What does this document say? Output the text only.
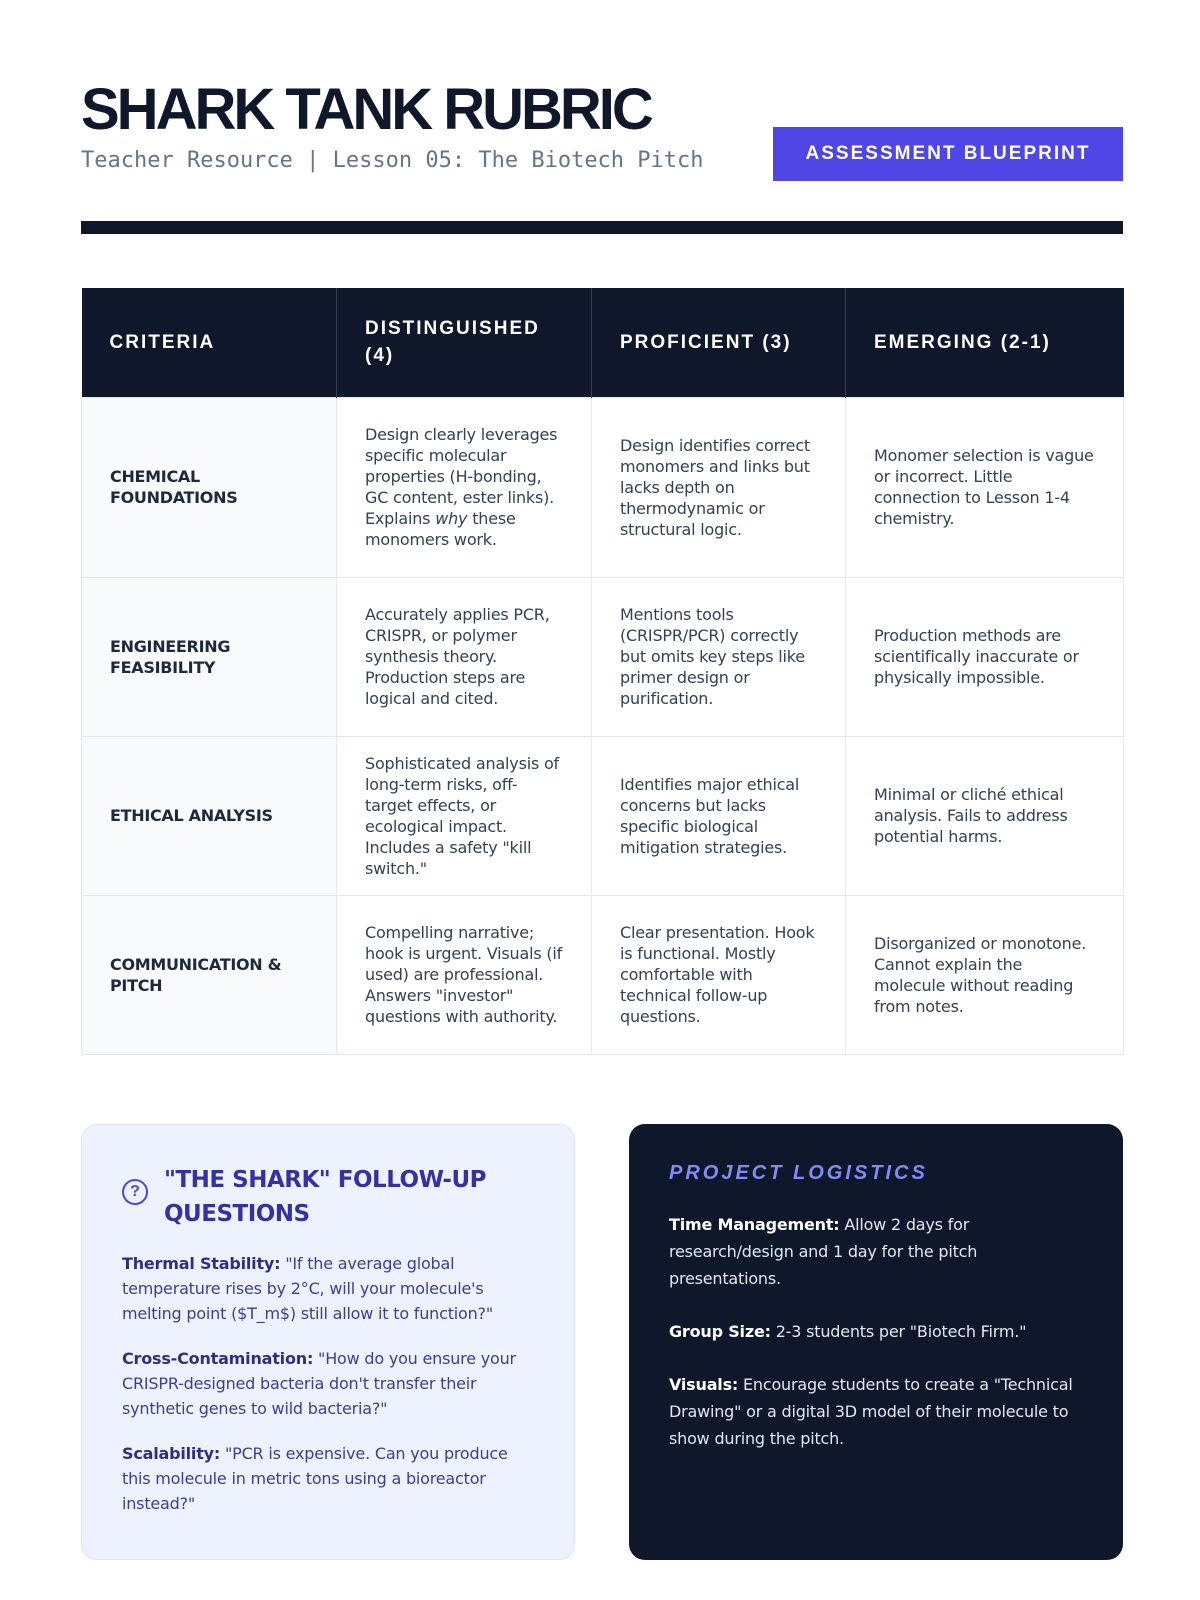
SHARK TANK RUBRIC
Teacher Resource | Lesson 05: The Biotech Pitch	ASSESSMENT BLUEPRINT
CRITERIA	DISTINGUISHED (4)	PROFICIENT (3)	EMERGING (2-1)
CHEMICAL FOUNDATIONS	Design clearly leverages specific molecular properties (H-bonding, GC content, ester links). Explains why these monomers work.	Design identifies correct monomers and links but lacks depth on thermodynamic or structural logic.	Monomer selection is vague or incorrect. Little connection to Lesson 1-4 chemistry.
ENGINEERING FEASIBILITY	Accurately applies PCR, CRISPR, or polymer synthesis theory. Production steps are logical and cited.	Mentions tools (CRISPR/PCR) correctly but omits key steps like primer design or purification.	Production methods are scientifically inaccurate or physically impossible.
ETHICAL ANALYSIS	Sophisticated analysis of long-term risks, off-target effects, or ecological impact. Includes a safety "kill switch."	Identifies major ethical concerns but lacks specific biological mitigation strategies.	Minimal or cliché ethical analysis. Fails to address potential harms.
COMMUNICATION & PITCH	Compelling narrative; hook is urgent. Visuals (if used) are professional. Answers "investor" questions with authority.	Clear presentation. Hook is functional. Mostly comfortable with technical follow-up questions.	Disorganized or monotone. Cannot explain the molecule without reading from notes.
?	"THE SHARK" FOLLOW-UP QUESTIONS

Thermal Stability: "If the average global temperature rises by 2°C, will your molecule's melting point ($T_m$) still allow it to function?"

Cross-Contamination: "How do you ensure your CRISPR-designed bacteria don't transfer their synthetic genes to wild bacteria?"

Scalability: "PCR is expensive. Can you produce this molecule in metric tons using a bioreactor instead?"

PROJECT LOGISTICS

Time Management: Allow 2 days for research/design and 1 day for the pitch presentations.

Group Size: 2-3 students per "Biotech Firm."

Visuals: Encourage students to create a "Technical Drawing" or a digital 3D model of their molecule to show during the pitch.
